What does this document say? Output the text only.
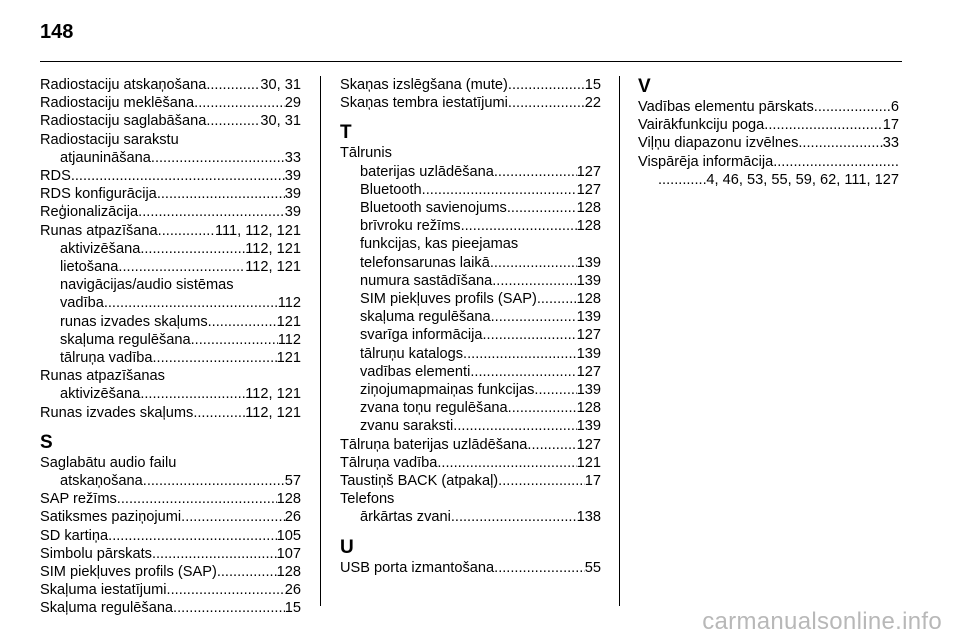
148
Radiostaciju atskaņošana .....	30, 31
Radiostaciju meklēšana .....	29
Radiostaciju saglabāšana .....	30, 31
Radiostaciju sarakstu
atjaunināšana .....	33
RDS .....	39
RDS konfigurācija .....	39
Reģionalizācija .....	39
Runas atpazīšana .....	111, 112, 121
aktivizēšana .....	112, 121
lietošana .....	112, 121
navigācijas/audio sistēmas
vadība .....	112
runas izvades skaļums .....	121
skaļuma regulēšana .....	112
tālruņa vadība .....	121
Runas atpazīšanas
aktivizēšana .....	112, 121
Runas izvades skaļums .....	112, 121
S
Saglabātu audio failu
atskaņošana .....	57
SAP režīms .....	128
Satiksmes paziņojumi .....	26
SD kartiņa .....	105
Simbolu pārskats .....	107
SIM piekļuves profils (SAP) .....	128
Skaļuma iestatījumi .....	26
Skaļuma regulēšana .....	15
Skaņas izslēgšana (mute) .....	15
Skaņas tembra iestatījumi .....	22
T
Tālrunis
baterijas uzlādēšana .....	127
Bluetooth .....	127
Bluetooth savienojums .....	128
brīvroku režīms .....	128
funkcijas, kas pieejamas
telefonsarunas laikā .....	139
numura sastādīšana .....	139
SIM piekļuves profils (SAP) .....	128
skaļuma regulēšana .....	139
svarīga informācija .....	127
tālruņu katalogs .....	139
vadības elementi .....	127
ziņojumapmaiņas funkcijas .....	139
zvana toņu regulēšana .....	128
zvanu saraksti .....	139
Tālruņa baterijas uzlādēšana .....	127
Tālruņa vadība .....	121
Taustiņš BACK (atpakaļ) .....	17
Telefons
ārkārtas zvani .....	138
U
USB porta izmantošana .....	55
V
Vadības elementu pārskats .....	6
Vairākfunkciju poga .....	17
Viļņu diapazonu izvēlnes .....	33
Vispārēja informācija
.....
.....
4, 46, 53, 55, 59, 62, 111, 127
carmanualsonline.info
